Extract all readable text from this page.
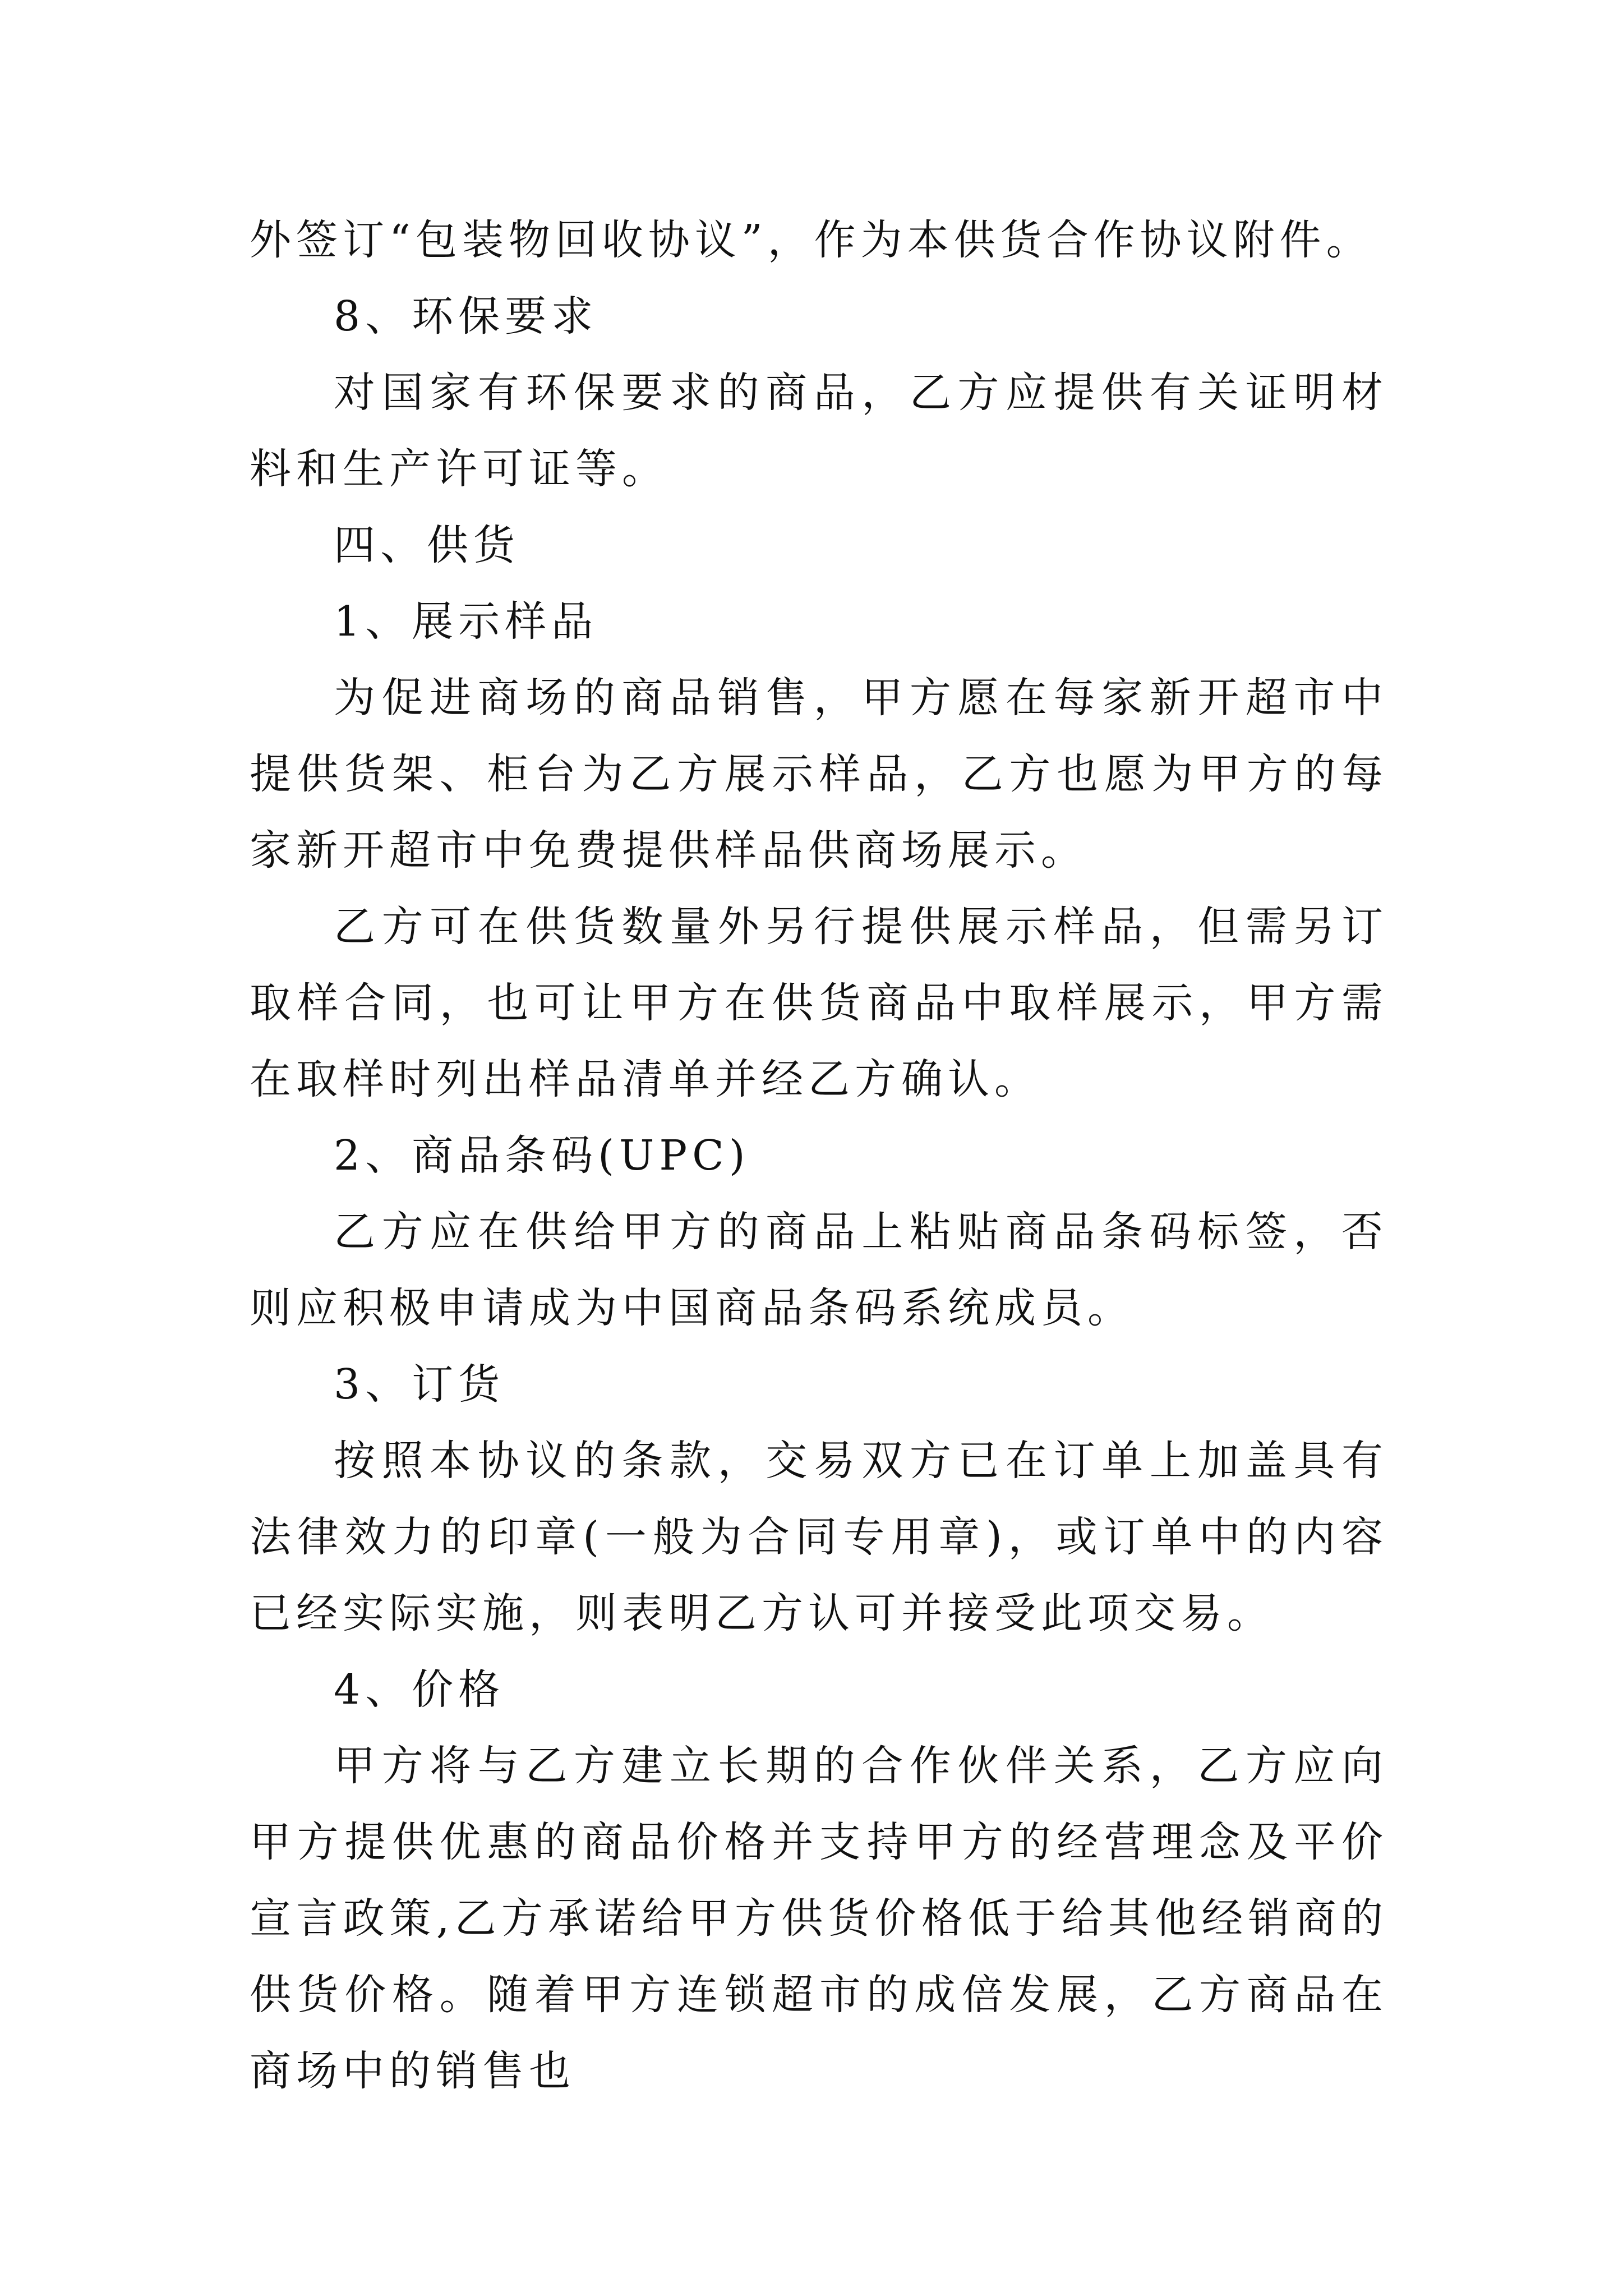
外签订“包装物回收协议”，作为本供货合作协议附件。

8、环保要求

对国家有环保要求的商品，乙方应提供有关证明材料和生产许可证等。

四、供货

1、展示样品

为促进商场的商品销售，甲方愿在每家新开超市中提供货架、柜台为乙方展示样品，乙方也愿为甲方的每家新开超市中免费提供样品供商场展示。

乙方可在供货数量外另行提供展示样品，但需另订取样合同，也可让甲方在供货商品中取样展示，甲方需在取样时列出样品清单并经乙方确认。

2、商品条码(UPC)

乙方应在供给甲方的商品上粘贴商品条码标签，否则应积极申请成为中国商品条码系统成员。

3、订货

按照本协议的条款，交易双方已在订单上加盖具有法律效力的印章(一般为合同专用章)，或订单中的内容已经实际实施，则表明乙方认可并接受此项交易。

4、价格

甲方将与乙方建立长期的合作伙伴关系，乙方应向甲方提供优惠的商品价格并支持甲方的经营理念及平价宣言政策,乙方承诺给甲方供货价格低于给其他经销商的供货价格。随着甲方连锁超市的成倍发展，乙方商品在商场中的销售也
